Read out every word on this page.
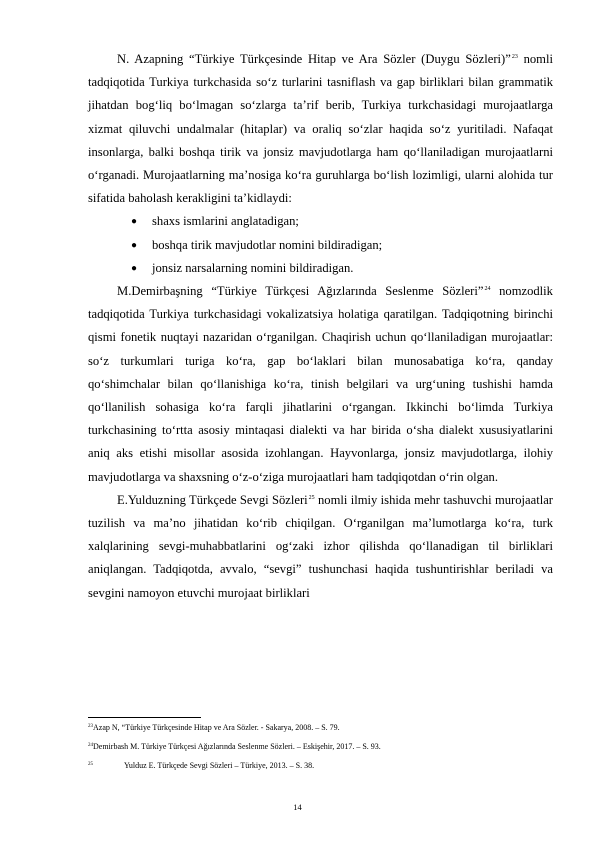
N. Azapning “Türkiye Türkçesinde Hitap ve Ara Sözler (Duygu Sözleri)”$^{23}$ nomli tadqiqotida Turkiya turkchasida soʻz turlarini tasniflash va gap birliklari bilan grammatik jihatdan bogʻliq boʻlmagan soʻzlarga ta’rif berib, Turkiya turkchasidagi murojaatlarga xizmat qiluvchi undalmalar (hitaplar) va oraliq so‘zlar haqida so‘z yuritiladi. Nafaqat insonlarga, balki boshqa tirik va jonsiz mavjudotlarga ham qo‘llaniladigan murojaatlarni o‘rganadi. Murojaatlarning ma’nosiga ko‘ra guruhlarga bo‘lish lozimligi, ularni alohida tur sifatida baholash kerakligini ta’kidlaydi:

● shaxs ismlarini anglatadigan;
● boshqa tirik mavjudotlar nomini bildiradigan;
● jonsiz narsalarning nomini bildiradigan.

M.Demirbaşning “Türkiye Türkçesi Ağızlarında Seslenme Sözleri”$^{24}$ nomzodlik tadqiqotida Turkiya turkchasidagi vokalizatsiya holatiga qaratilgan. Tadqiqotning birinchi qismi fonetik nuqtayi nazaridan o‘rganilgan. Chaqirish uchun qo‘llaniladigan murojaatlar: so‘z turkumlari turiga ko‘ra, gap bo‘laklari bilan munosabatiga ko‘ra, qanday qo‘shimchalar bilan qo‘llanishiga ko‘ra, tinish belgilari va urg‘uning tushishi hamda qo‘llanilish sohasiga ko‘ra farqli jihatlarini o‘rgangan. Ikkinchi bo‘limda Turkiya turkchasining to‘rtta asosiy mintaqasi dialekti va har birida o‘sha dialekt xususiyatlarini aniq aks etishi misollar asosida izohlangan. Hayvonlarga, jonsiz mavjudotlarga, ilohiy mavjudotlarga va shaxsning o‘z-o‘ziga murojaatlari ham tadqiqotdan o‘rin olgan.

E.Yulduzning Türkçede Sevgi Sözleri$^{25}$ nomli ilmiy ishida mehr tashuvchi murojaatlar tuzilish va ma’no jihatidan ko‘rib chiqilgan. O‘rganilgan ma’lumotlarga ko‘ra, turk xalqlarining sevgi-muhabbatlarini og‘zaki izhor qilishda qo‘llanadigan til birliklari aniqlangan. Tadqiqotda, avvalo, “sevgi” tushunchasi haqida tushuntirishlar beriladi va sevgini namoyon etuvchi murojaat birliklari

$^{23}$Azap N, “Türkiye Türkçesinde Hitap ve Ara Sözler. - Sakarya, 2008. – S. 79.

$^{24}$Demirbash M. Türkiye Türkçesi Ağızlarında Seslenme Sözleri. – Eskişehir, 2017. – S. 93.

$^{25}$	Yulduz E. Türkçede Sevgi Sözleri – Türkiye, 2013. – S. 38.

14
